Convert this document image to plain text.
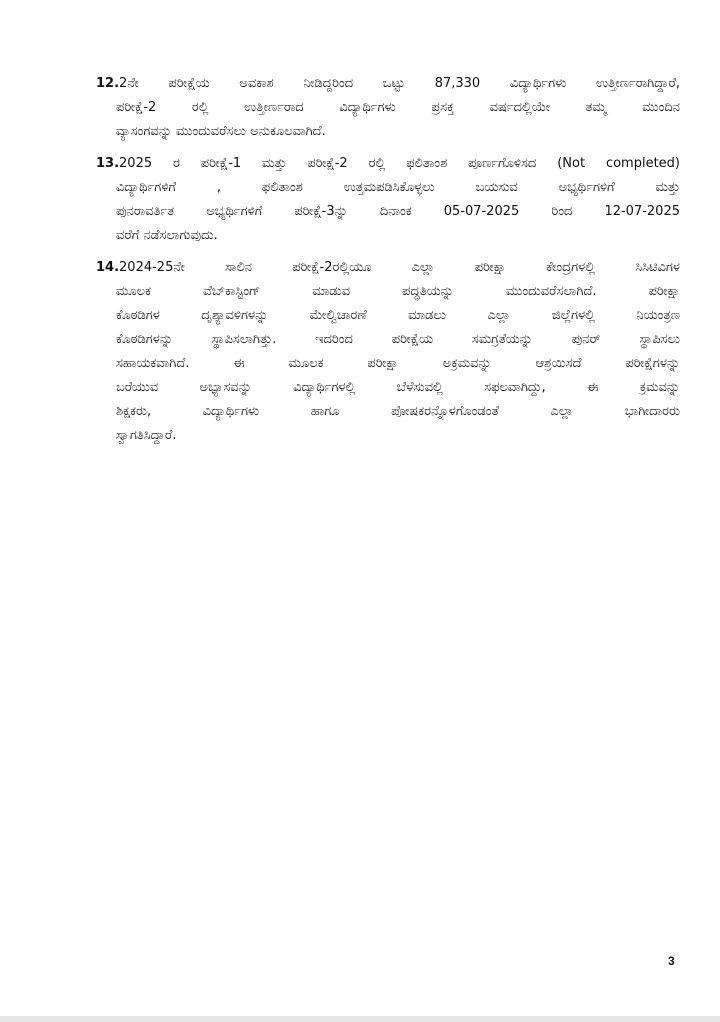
12.2ನೇ ಪರೀಕ್ಷೆಯ ಅವಕಾಶ ನೀಡಿದ್ದರಿಂದ ಒಟ್ಟು 87,330 ವಿದ್ಯಾರ್ಥಿಗಳು ಉತ್ತೀರ್ಣರಾಗಿದ್ದಾರೆ,
ಪರೀಕ್ಷೆ-2 ರಲ್ಲಿ ಉತ್ತೀರ್ಣರಾದ ವಿದ್ಯಾರ್ಥಿಗಳು ಪ್ರಸಕ್ತ ವರ್ಷದಲ್ಲಿಯೇ ತಮ್ಮ ಮುಂದಿನ
ವ್ಯಾಸಂಗವನ್ನು ಮುಂದುವರೆಸಲು ಅನುಕೂಲವಾಗಿದೆ.
13.2025 ರ ಪರೀಕ್ಷೆ-1 ಮತ್ತು ಪರೀಕ್ಷೆ-2 ರಲ್ಲಿ ಫಲಿತಾಂಶ ಪೂರ್ಣಗೊಳಿಸದ (Not completed)
ವಿದ್ಯಾರ್ಥಿಗಳಿಗೆ , ಫಲಿತಾಂಶ ಉತ್ತಮಪಡಿಸಿಕೊಳ್ಳಲು ಬಯಸುವ ಅಭ್ಯರ್ಥಿಗಳಿಗೆ ಮತ್ತು
ಪುನರಾವರ್ತಿತ ಅಭ್ಯರ್ಥಿಗಳಿಗೆ ಪರೀಕ್ಷೆ-3ನ್ನು ದಿನಾಂಕ 05-07-2025 ರಿಂದ 12-07-2025
ವರೆಗೆ ನಡೆಸಲಾಗುವುದು.
14.2024-25ನೇ ಸಾಲಿನ ಪರೀಕ್ಷೆ-2ರಲ್ಲಿಯೂ ಎಲ್ಲಾ ಪರೀಕ್ಷಾ ಕೇಂದ್ರಗಳಲ್ಲಿ ಸಿಸಿಟಿವಿಗಳ
ಮೂಲಕ ವೆಬ್‌ಕಾಸ್ಟಿಂಗ್ ಮಾಡುವ ಪದ್ಧತಿಯನ್ನು ಮುಂದುವರೆಸಲಾಗಿದೆ. ಪರೀಕ್ಷಾ
ಕೊಠಡಿಗಳ ದೃಶ್ಯಾವಳಿಗಳನ್ನು ಮೇಲ್ವಿಚಾರಣೆ ಮಾಡಲು ಎಲ್ಲಾ ಜಿಲ್ಲೆಗಳಲ್ಲಿ ನಿಯಂತ್ರಣ
ಕೊಠಡಿಗಳನ್ನು ಸ್ಥಾಪಿಸಲಾಗಿತ್ತು. ಇದರಿಂದ ಪರೀಕ್ಷೆಯ ಸಮಗ್ರತೆಯನ್ನು ಪುನರ್ ಸ್ಥಾಪಿಸಲು
ಸಹಾಯಕವಾಗಿದೆ. ಈ ಮೂಲಕ ಪರೀಕ್ಷಾ ಅಕ್ರಮವನ್ನು ಆಶ್ರಯಿಸದೆ ಪರೀಕ್ಷೆಗಳನ್ನು
ಬರೆಯುವ ಅಭ್ಯಾಸವನ್ನು ವಿದ್ಯಾರ್ಥಿಗಳಲ್ಲಿ ಬೆಳೆಸುವಲ್ಲಿ ಸಫಲವಾಗಿದ್ದು, ಈ ಕ್ರಮವನ್ನು
ಶಿಕ್ಷಕರು, ವಿದ್ಯಾರ್ಥಿಗಳು ಹಾಗೂ ಪೋಷಕರನ್ನೊಳಗೊಂಡಂತೆ ಎಲ್ಲಾ ಭಾಗೀದಾರರು
ಸ್ವಾಗತಿಸಿದ್ದಾರೆ.
3
